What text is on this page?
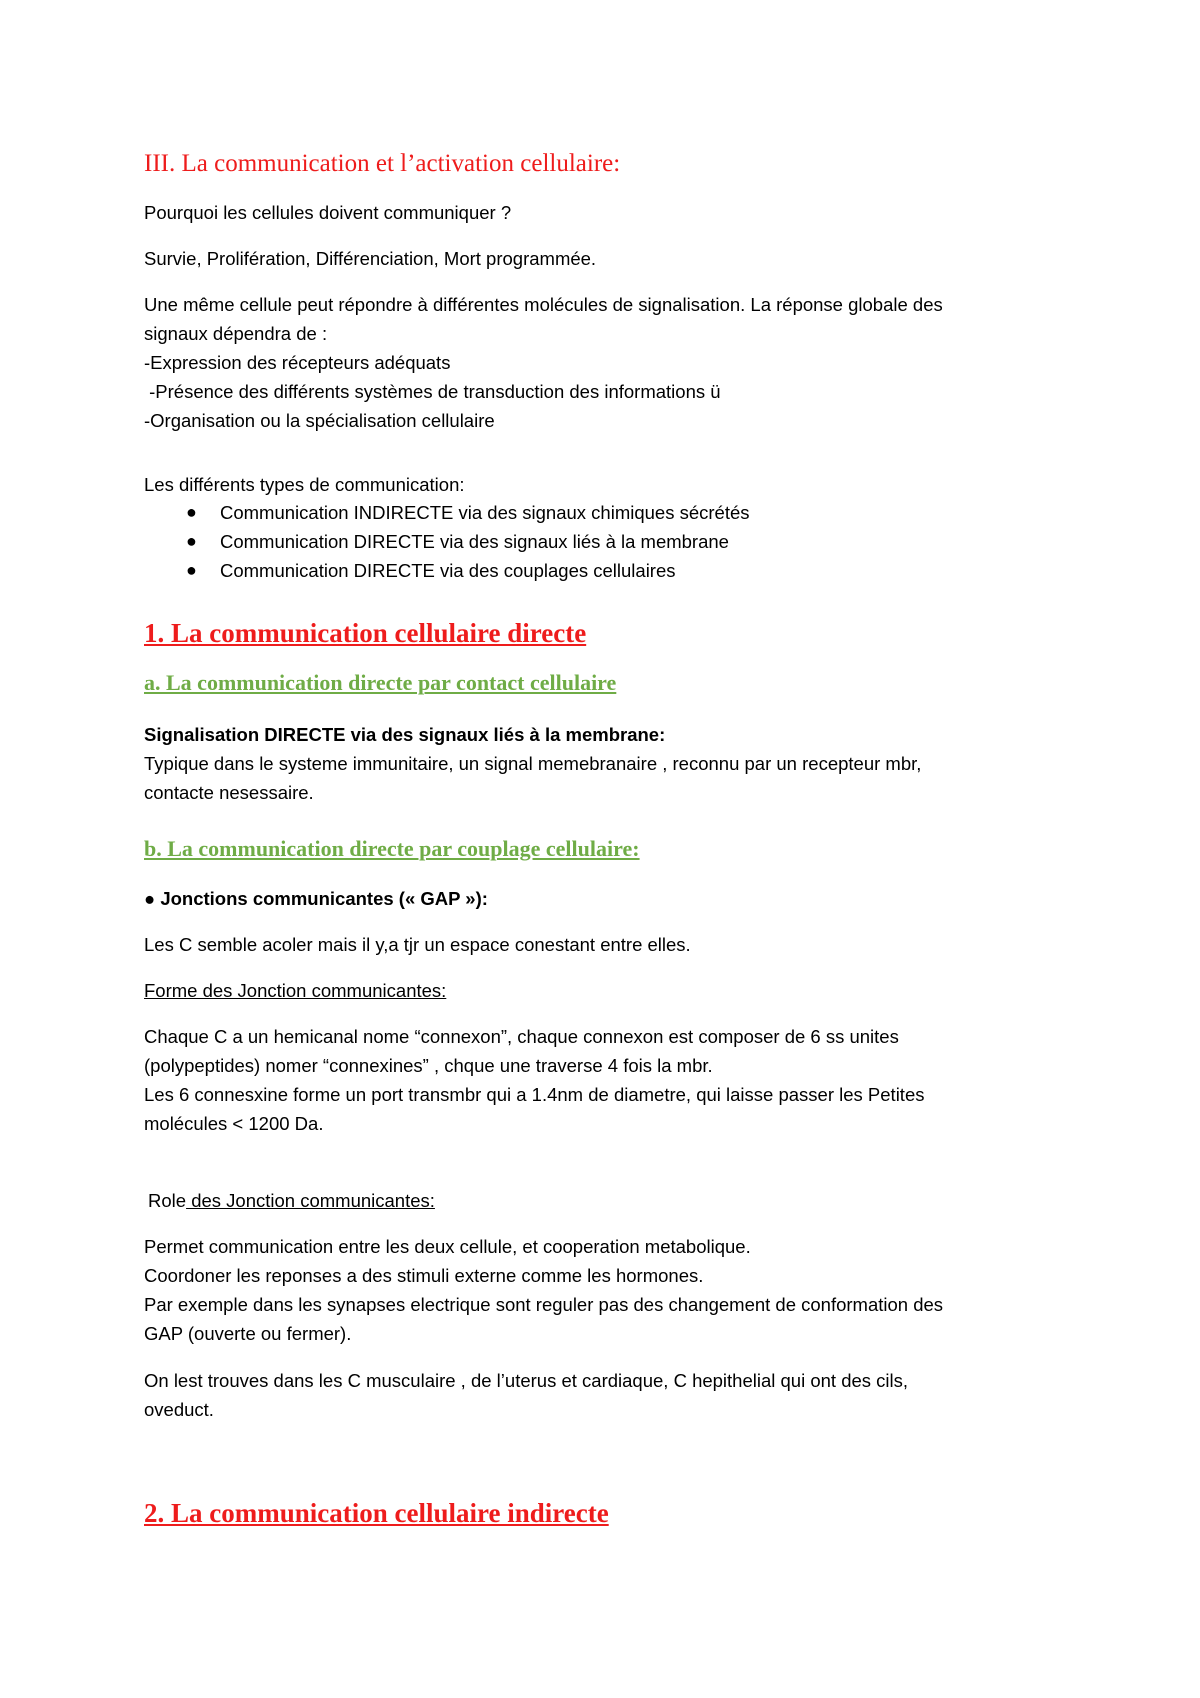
III. La communication et l’activation cellulaire:
Pourquoi les cellules doivent communiquer ?
Survie, Prolifération, Différenciation, Mort programmée.
Une même cellule peut répondre à différentes molécules de signalisation. La réponse globale des
signaux dépendra de :
-Expression des récepteurs adéquats
-Présence des différents systèmes de transduction des informations ü
-Organisation ou la spécialisation cellulaire
Les différents types de communication:
● Communication INDIRECTE via des signaux chimiques sécrétés
● Communication DIRECTE via des signaux liés à la membrane
● Communication DIRECTE via des couplages cellulaires
1. La communication cellulaire directe
a. La communication directe par contact cellulaire
Signalisation DIRECTE via des signaux liés à la membrane:
Typique dans le systeme immunitaire, un signal memebranaire , reconnu par un recepteur mbr,
contacte nesessaire.
b. La communication directe par couplage cellulaire:
● Jonctions communicantes (« GAP »):
Les C semble acoler mais il y,a tjr un espace conestant entre elles.
Forme des Jonction communicantes:
Chaque C a un hemicanal nome “connexon”, chaque connexon est composer de 6 ss unites
(polypeptides) nomer “connexines” , chque une traverse 4 fois la mbr.
Les 6 connesxine forme un port transmbr qui a 1.4nm de diametre, qui laisse passer les Petites
molécules < 1200 Da.
Role des Jonction communicantes:
Permet communication entre les deux cellule, et cooperation metabolique.
Coordoner les reponses a des stimuli externe comme les hormones.
Par exemple dans les synapses electrique sont reguler pas des changement de conformation des
GAP (ouverte ou fermer).
On lest trouves dans les C musculaire , de l’uterus et cardiaque, C hepithelial qui ont des cils,
oveduct.
2. La communication cellulaire indirecte
